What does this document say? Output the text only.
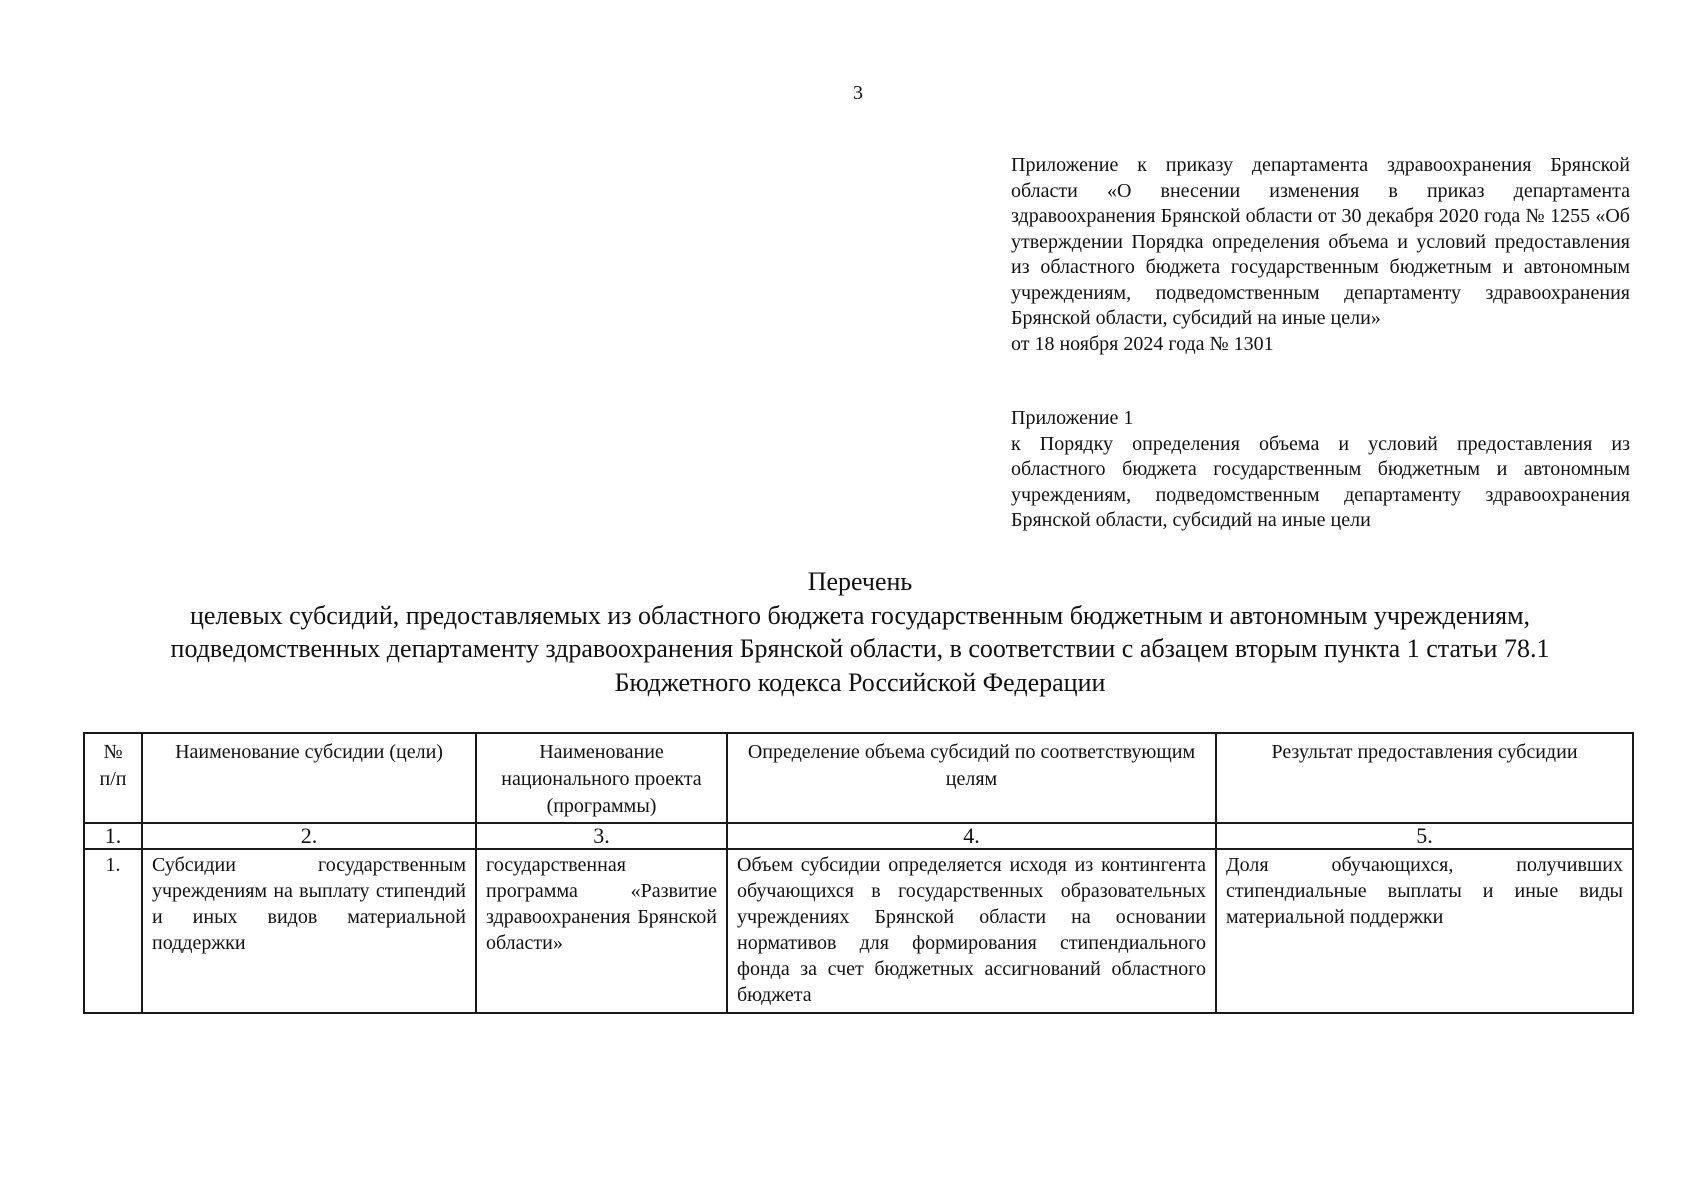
3

Приложение к приказу департамента здравоохранения Брянской области «О внесении изменения в приказ департамента здравоохранения Брянской области от 30 декабря 2020 года № 1255 «Об утверждении Порядка определения объема и условий предоставления из областного бюджета государственным бюджетным и автономным учреждениям, подведомственным департаменту здравоохранения Брянской области, субсидий на иные цели»

от 18 ноября 2024 года № 1301

Приложение 1

к Порядку определения объема и условий предоставления из областного бюджета государственным бюджетным и автономным учреждениям, подведомственным департаменту здравоохранения Брянской области, субсидий на иные цели

Перечень
целевых субсидий, предоставляемых из областного бюджета государственным бюджетным и автономным учреждениям,
подведомственных департаменту здравоохранения Брянской области, в соответствии с абзацем вторым пункта 1 статьи 78.1
Бюджетного кодекса Российской Федерации
№ п/п	Наименование субсидии (цели)	Наименование национального проекта (программы)	Определение объема субсидий по соответствующим целям	Результат предоставления субсидии
1.	2.	3.	4.	5.
1.	Субсидии государственным учреждениям на выплату стипендий и иных видов материальной поддержки	государственная программа «Развитие здравоохранения Брянской области»	Объем субсидии определяется исходя из контингента обучающихся в государственных образовательных учреждениях Брянской области на основании нормативов для формирования стипендиального фонда за счет бюджетных ассигнований областного бюджета	Доля обучающихся, получивших стипендиальные выплаты и иные виды материальной поддержки
